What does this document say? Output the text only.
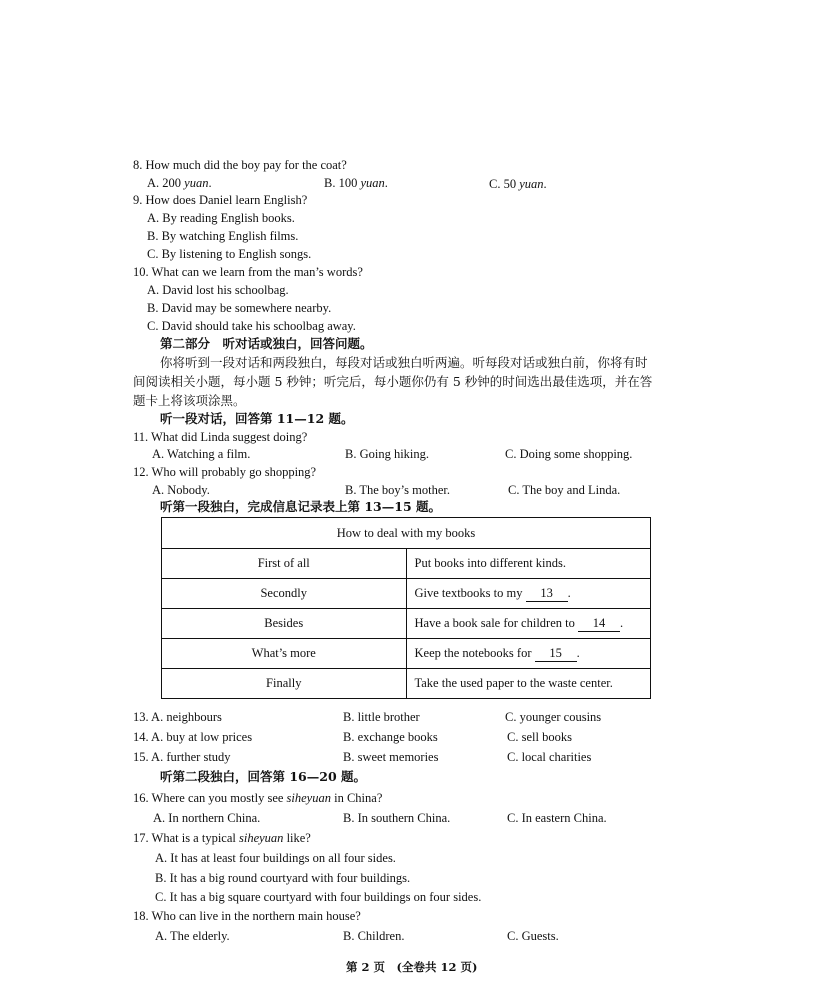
8. How much did the boy pay for the coat?
A. 200 yuan.	B. 100 yuan.	C. 50 yuan.
9. How does Daniel learn English?
A. By reading English books.
B. By watching English films.
C. By listening to English songs.
10. What can we learn from the man’s words?
A. David lost his schoolbag.
B. David may be somewhere nearby.
C. David should take his schoolbag away.
第二部分　听对话或独白，回答问题。
你将听到一段对话和两段独白，每段对话或独白听两遍。听每段对话或独白前，你将有时
间阅读相关小题，每小题 5 秒钟；听完后，每小题你仍有 5 秒钟的时间选出最佳选项，并在答
题卡上将该项涂黑。
听一段对话，回答第 11—12 题。
11. What did Linda suggest doing?
A. Watching a film.	B. Going hiking.	C. Doing some shopping.
12. Who will probably go shopping?
A. Nobody.	B. The boy’s mother.	C. The boy and Linda.
听第一段独白，完成信息记录表上第 13—15 题。
How to deal with my books	
First of all	Put books into different kinds.
Secondly	Give textbooks to my 13 .
Besides	Have a book sale for children to 14 .
What’s more	Keep the notebooks for 15 .
Finally	Take the used paper to the waste center.
13. A. neighbours	B. little brother	C. younger cousins
14. A. buy at low prices	B. exchange books	C. sell books
15. A. further study	B. sweet memories	C. local charities
听第二段独白，回答第 16—20 题。
16. Where can you mostly see siheyuan in China?
A. In northern China.	B. In southern China.	C. In eastern China.
17. What is a typical siheyuan like?
A. It has at least four buildings on all four sides.
B. It has a big round courtyard with four buildings.
C. It has a big square courtyard with four buildings on four sides.
18. Who can live in the northern main house?
A. The elderly.	B. Children.	C. Guests.
第 2 页　(全卷共 12 页)
